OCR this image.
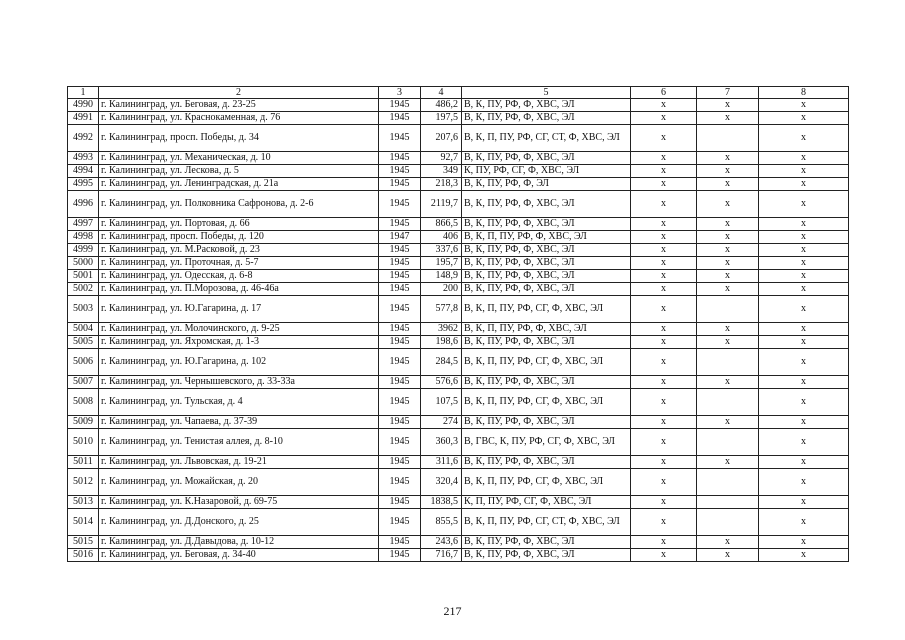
1	2	3	4	5	6	7	8
4990	г. Калининград, ул. Беговая, д. 23-25	1945	486,2	В, К, ПУ, РФ, Ф, ХВС, ЭЛ	х	х	х
4991	г. Калининград, ул. Краснокаменная, д. 76	1945	197,5	В, К, ПУ, РФ, Ф, ХВС, ЭЛ	х	х	х
4992	г. Калининград, просп. Победы, д. 34	1945	207,6	В, К, П, ПУ, РФ, СГ, СТ, Ф, ХВС, ЭЛ	х		х
4993	г. Калининград, ул. Механическая, д. 10	1945	92,7	В, К, ПУ, РФ, Ф, ХВС, ЭЛ	х	х	х
4994	г. Калининград, ул. Лескова, д. 5	1945	349	К, ПУ, РФ, СГ, Ф, ХВС, ЭЛ	х	х	х
4995	г. Калининград, ул. Ленинградская, д. 21а	1945	218,3	В, К, ПУ, РФ, Ф, ЭЛ	х	х	х
4996	г. Калининград, ул. Полковника Сафронова, д. 2-6	1945	2119,7	В, К, ПУ, РФ, Ф, ХВС, ЭЛ	х	х	х
4997	г. Калининград, ул. Портовая, д. 66	1945	866,5	В, К, ПУ, РФ, Ф, ХВС, ЭЛ	х	х	х
4998	г. Калининград, просп. Победы, д. 120	1947	406	В, К, П, ПУ, РФ, Ф, ХВС, ЭЛ	х	х	х
4999	г. Калининград, ул. М.Расковой, д. 23	1945	337,6	В, К, ПУ, РФ, Ф, ХВС, ЭЛ	х	х	х
5000	г. Калининград, ул. Проточная, д. 5-7	1945	195,7	В, К, ПУ, РФ, Ф, ХВС, ЭЛ	х	х	х
5001	г. Калининград, ул. Одесская, д. 6-8	1945	148,9	В, К, ПУ, РФ, Ф, ХВС, ЭЛ	х	х	х
5002	г. Калининград, ул. П.Морозова, д. 46-46а	1945	200	В, К, ПУ, РФ, Ф, ХВС, ЭЛ	х	х	х
5003	г. Калининград, ул. Ю.Гагарина, д. 17	1945	577,8	В, К, П, ПУ, РФ, СГ, Ф, ХВС, ЭЛ	х		х
5004	г. Калининград, ул. Молочинского, д. 9-25	1945	3962	В, К, П, ПУ, РФ, Ф, ХВС, ЭЛ	х	х	х
5005	г. Калининград, ул. Яхромская, д. 1-3	1945	198,6	В, К, ПУ, РФ, Ф, ХВС, ЭЛ	х	х	х
5006	г. Калининград, ул. Ю.Гагарина, д. 102	1945	284,5	В, К, П, ПУ, РФ, СГ, Ф, ХВС, ЭЛ	х		х
5007	г. Калининград, ул. Чернышевского, д. 33-33а	1945	576,6	В, К, ПУ, РФ, Ф, ХВС, ЭЛ	х	х	х
5008	г. Калининград, ул. Тульская, д. 4	1945	107,5	В, К, П, ПУ, РФ, СГ, Ф, ХВС, ЭЛ	х		х
5009	г. Калининград, ул. Чапаева, д. 37-39	1945	274	В, К, ПУ, РФ, Ф, ХВС, ЭЛ	х	х	х
5010	г. Калининград, ул. Тенистая аллея, д. 8-10	1945	360,3	В, ГВС, К, ПУ, РФ, СГ, Ф, ХВС, ЭЛ	х		х
5011	г. Калининград, ул. Львовская, д. 19-21	1945	311,6	В, К, ПУ, РФ, Ф, ХВС, ЭЛ	х	х	х
5012	г. Калининград, ул. Можайская, д. 20	1945	320,4	В, К, П, ПУ, РФ, СГ, Ф, ХВС, ЭЛ	х		х
5013	г. Калининград, ул. К.Назаровой, д. 69-75	1945	1838,5	К, П, ПУ, РФ, СГ, Ф, ХВС, ЭЛ	х		х
5014	г. Калининград, ул. Д.Донского, д. 25	1945	855,5	В, К, П, ПУ, РФ, СГ, СТ, Ф, ХВС, ЭЛ	х		х
5015	г. Калининград, ул. Д.Давыдова, д. 10-12	1945	243,6	В, К, ПУ, РФ, Ф, ХВС, ЭЛ	х	х	х
5016	г. Калининград, ул. Беговая, д. 34-40	1945	716,7	В, К, ПУ, РФ, Ф, ХВС, ЭЛ	х	х	х
217
